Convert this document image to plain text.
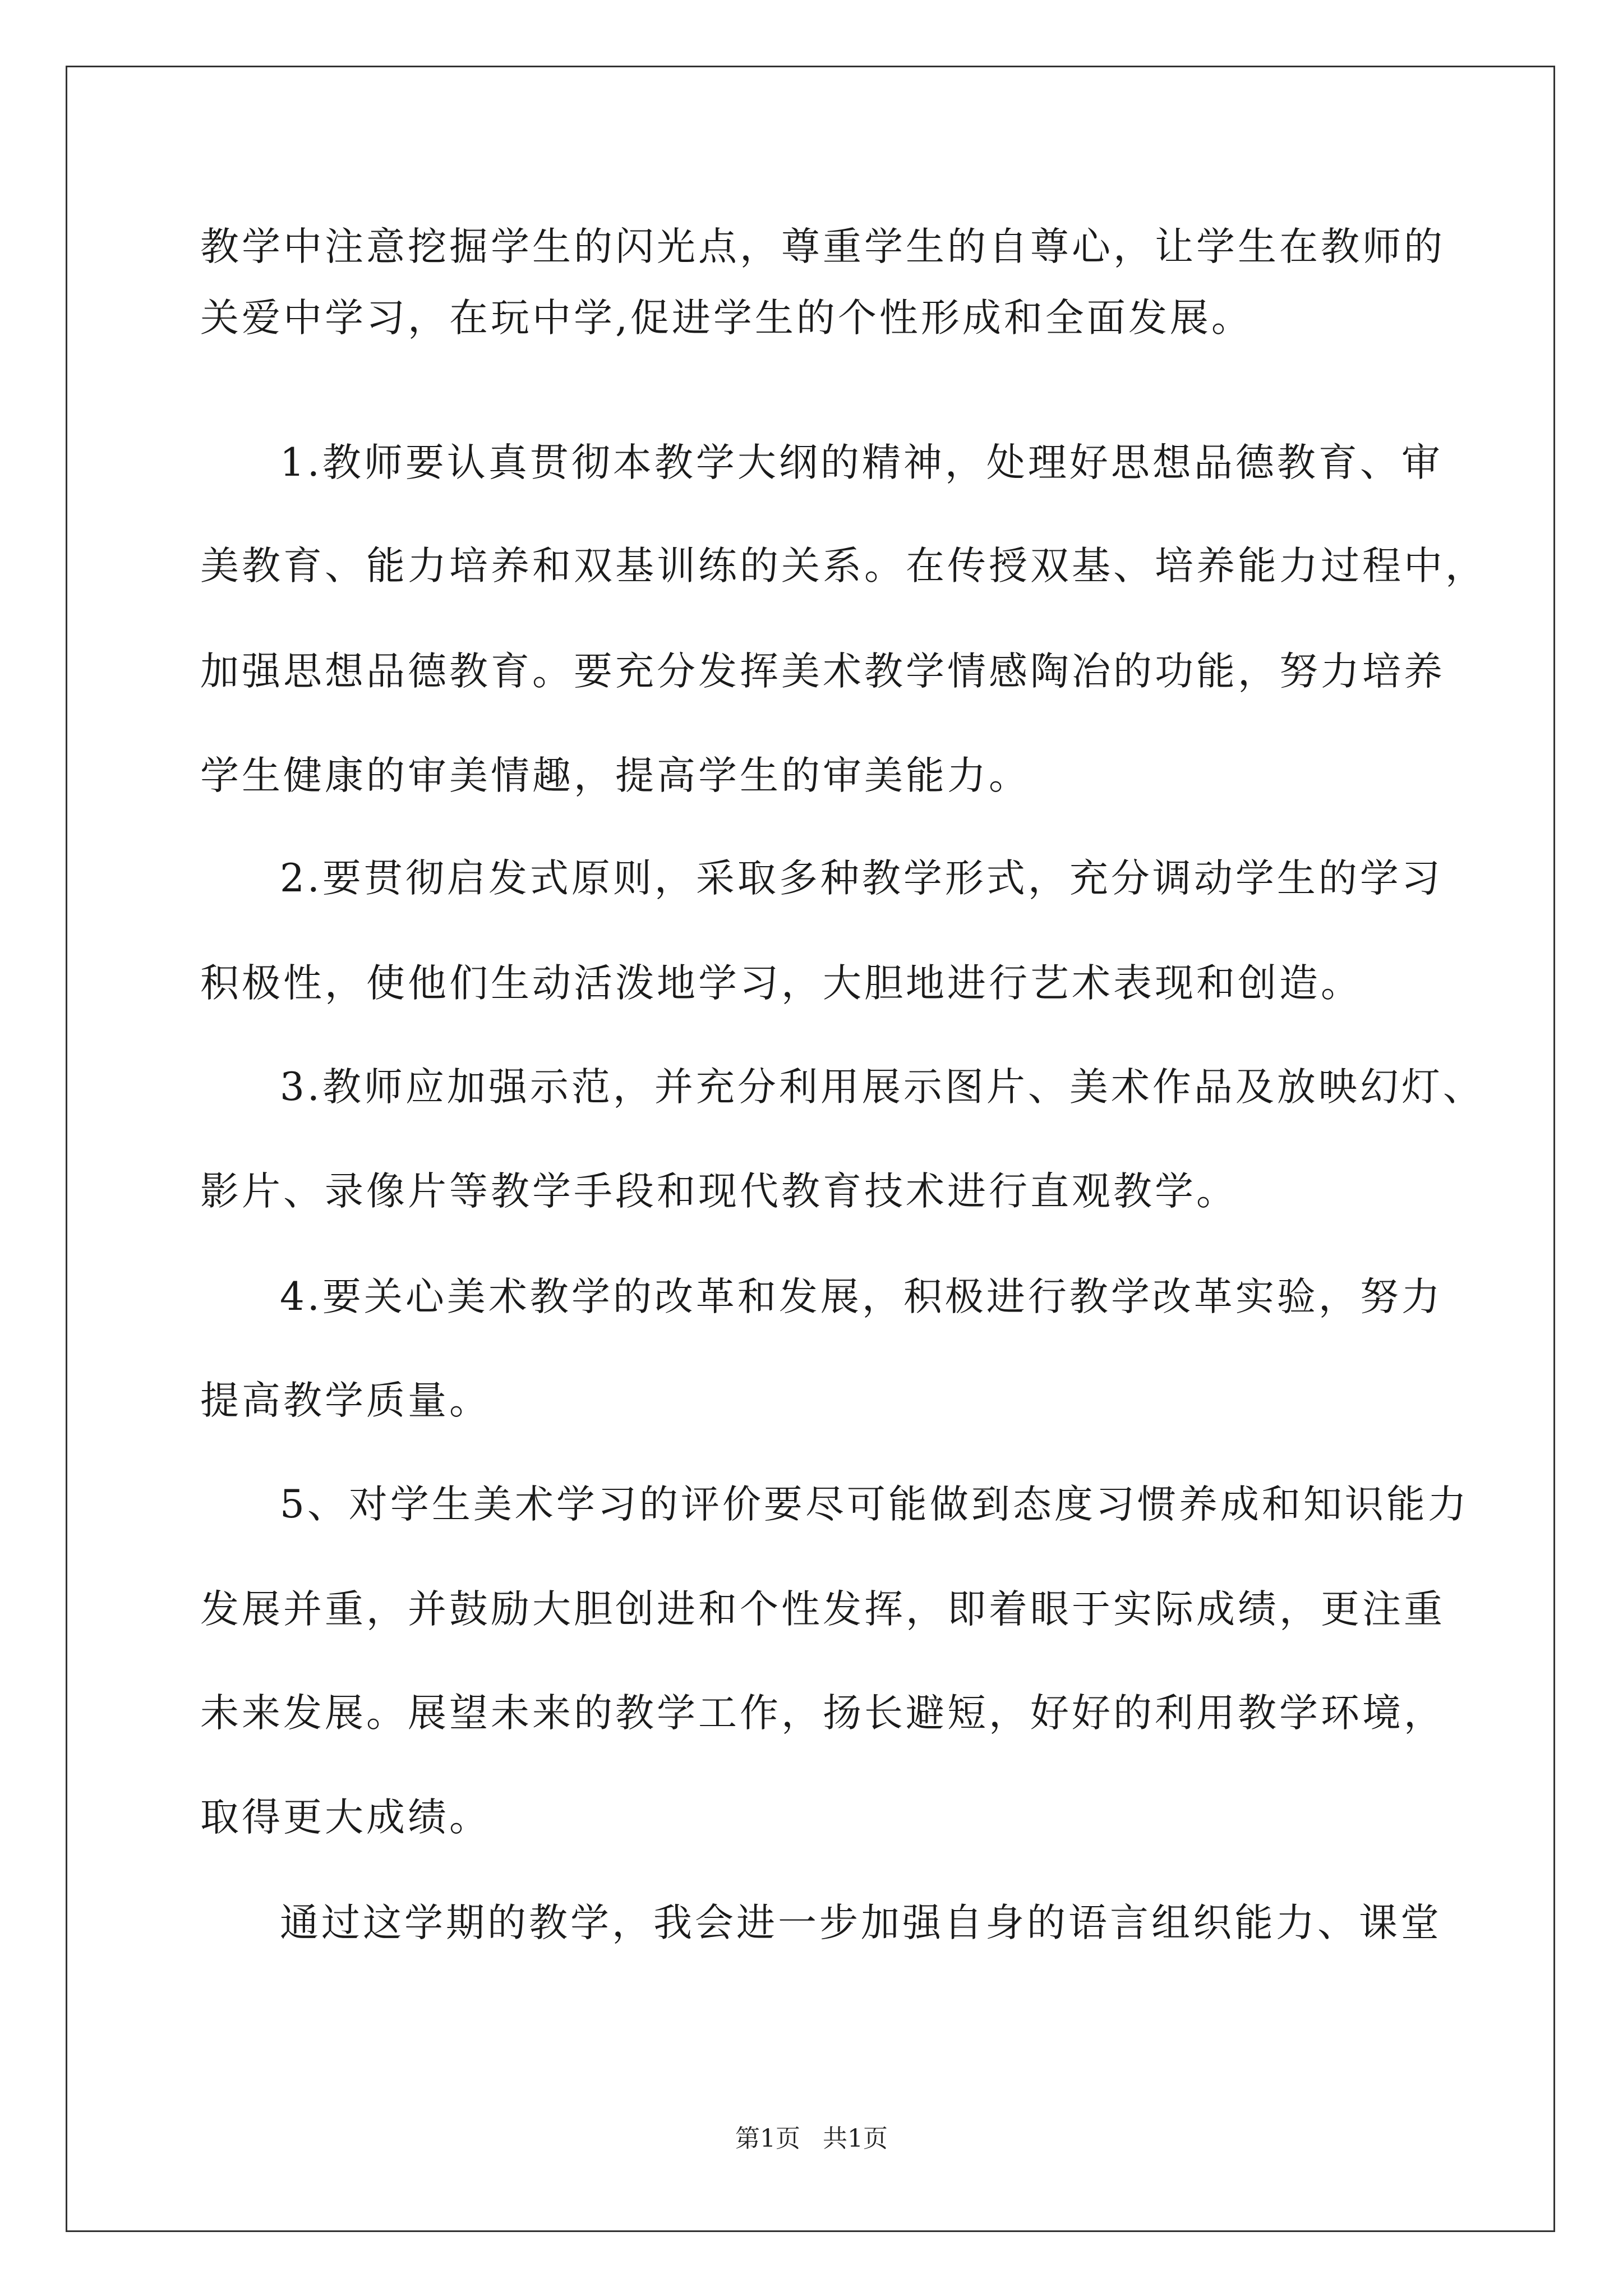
教学中注意挖掘学生的闪光点，尊重学生的自尊心，让学生在教师的
关爱中学习，在玩中学,促进学生的个性形成和全面发展。
1.教师要认真贯彻本教学大纲的精神，处理好思想品德教育、审
美教育、能力培养和双基训练的关系。在传授双基、培养能力过程中，
加强思想品德教育。要充分发挥美术教学情感陶冶的功能，努力培养
学生健康的审美情趣，提高学生的审美能力。
2.要贯彻启发式原则，采取多种教学形式，充分调动学生的学习
积极性，使他们生动活泼地学习，大胆地进行艺术表现和创造。
3.教师应加强示范，并充分利用展示图片、美术作品及放映幻灯、
影片、录像片等教学手段和现代教育技术进行直观教学。
4.要关心美术教学的改革和发展，积极进行教学改革实验，努力
提高教学质量。
5、对学生美术学习的评价要尽可能做到态度习惯养成和知识能力
发展并重，并鼓励大胆创进和个性发挥，即着眼于实际成绩，更注重
未来发展。展望未来的教学工作，扬长避短，好好的利用教学环境，
取得更大成绩。
通过这学期的教学，我会进一步加强自身的语言组织能力、课堂
第1页 共1页
